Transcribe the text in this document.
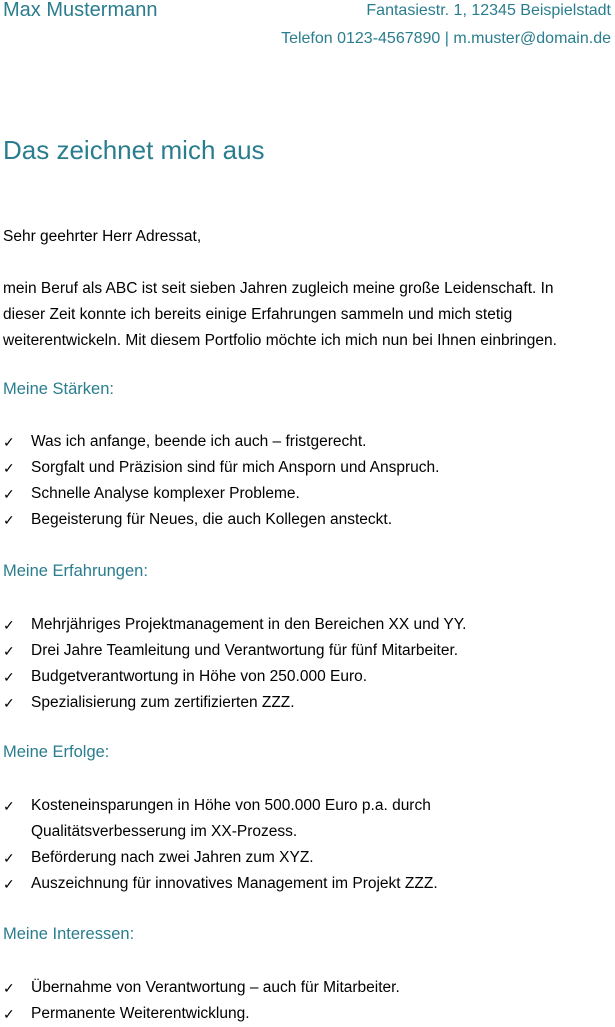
Max Mustermann	Fantasiestr. 1, 12345 Beispielstadt
Telefon 0123-4567890 | m.muster@domain.de
Das zeichnet mich aus
Sehr geehrter Herr Adressat,
mein Beruf als ABC ist seit sieben Jahren zugleich meine große Leidenschaft. In
dieser Zeit konnte ich bereits einige Erfahrungen sammeln und mich stetig
weiterentwickeln. Mit diesem Portfolio möchte ich mich nun bei Ihnen einbringen.
Meine Stärken:
✓ Was ich anfange, beende ich auch – fristgerecht.
✓ Sorgfalt und Präzision sind für mich Ansporn und Anspruch.
✓ Schnelle Analyse komplexer Probleme.
✓ Begeisterung für Neues, die auch Kollegen ansteckt.
Meine Erfahrungen:
✓ Mehrjähriges Projektmanagement in den Bereichen XX und YY.
✓ Drei Jahre Teamleitung und Verantwortung für fünf Mitarbeiter.
✓ Budgetverantwortung in Höhe von 250.000 Euro.
✓ Spezialisierung zum zertifizierten ZZZ.
Meine Erfolge:
✓ Kosteneinsparungen in Höhe von 500.000 Euro p.a. durch
Qualitätsverbesserung im XX-Prozess.
✓ Beförderung nach zwei Jahren zum XYZ.
✓ Auszeichnung für innovatives Management im Projekt ZZZ.
Meine Interessen:
✓ Übernahme von Verantwortung – auch für Mitarbeiter.
✓ Permanente Weiterentwicklung.
